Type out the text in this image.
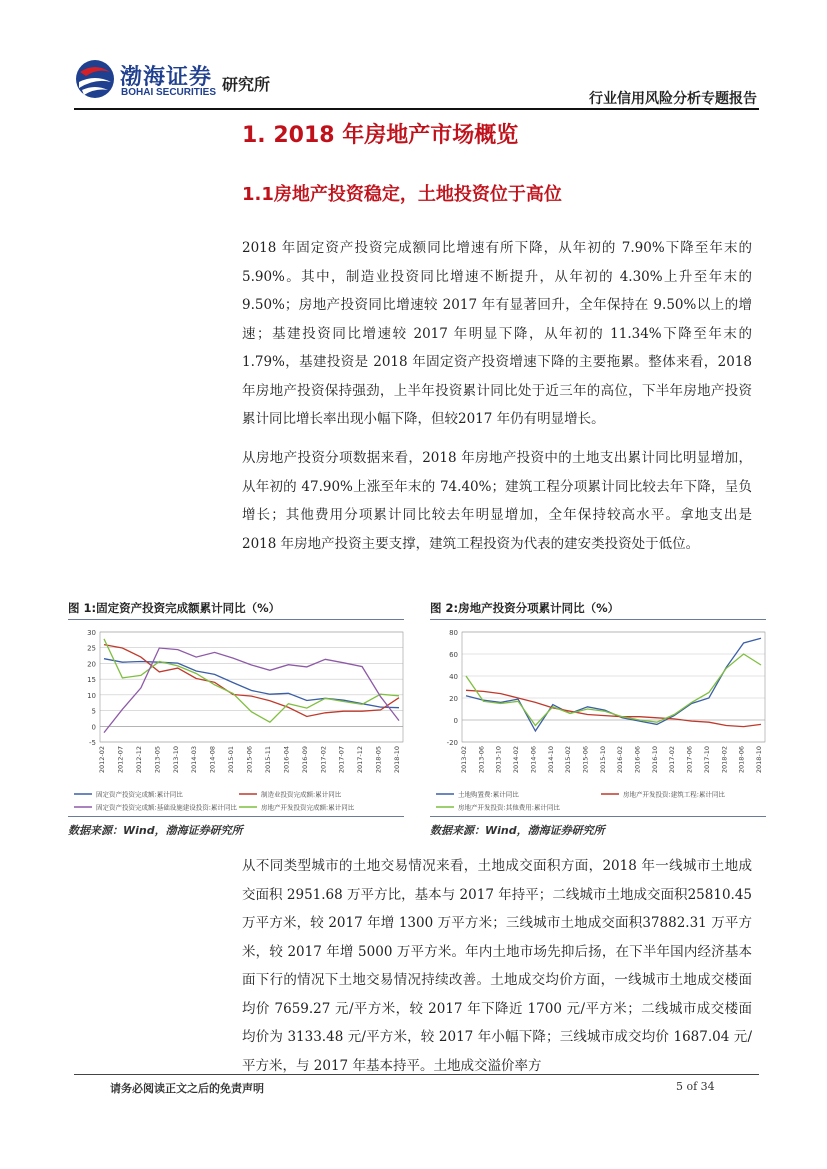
渤海证券
BOHAI SECURITIES 研究所
行业信用风险分析专题报告
1. 2018 年房地产市场概览
1.1房地产投资稳定，土地投资位于高位
2018 年固定资产投资完成额同比增速有所下降，从年初的 7.90%下降至年末的 5.90%。其中，制造业投资同比增速不断提升，从年初的 4.30%上升至年末的 9.50%；房地产投资同比增速较 2017 年有显著回升，全年保持在 9.50%以上的增速；基建投资同比增速较 2017 年明显下降，从年初的 11.34%下降至年末的 1.79%，基建投资是 2018 年固定资产投资增速下降的主要拖累。整体来看，2018 年房地产投资保持强劲，上半年投资累计同比处于近三年的高位，下半年房地产投资累计同比增长率出现小幅下降，但较2017 年仍有明显增长。
从房地产投资分项数据来看，2018 年房地产投资中的土地支出累计同比明显增加，从年初的 47.90%上涨至年末的 74.40%；建筑工程分项累计同比较去年下降，呈负增长；其他费用分项累计同比较去年明显增加，全年保持较高水平。拿地支出是 2018 年房地产投资主要支撑，建筑工程投资为代表的建安类投资处于低位。
图 1:固定资产投资完成额累计同比（%）
30
25
20
15
10
5
0
-5
2012-02 2012-07 2012-12 2013-05 2013-10 2014-03 2014-08 2015-01 2015-06 2015-11 2016-04 2016-09 2017-02 2017-07 2017-12 2018-05 2018-10
固定资产投资完成额:累计同比	制造业投资完成额:累计同比
固定资产投资完成额:基础设施建设投资:累计同比	房地产开发投资完成额:累计同比
数据来源：Wind，渤海证券研究所
图 2:房地产投资分项累计同比（%）
80
60
40
20
0
-20
2013-02 2013-06 2013-10 2014-02 2014-06 2014-10 2015-02 2015-06 2015-10 2016-02 2016-06 2016-10 2017-02 2017-06 2017-10 2018-02 2018-06 2018-10
土地购置费:累计同比	房地产开发投资:建筑工程:累计同比
房地产开发投资:其他费用:累计同比
数据来源：Wind，渤海证券研究所
从不同类型城市的土地交易情况来看，土地成交面积方面，2018 年一线城市土地成交面积 2951.68 万平方比，基本与 2017 年持平；二线城市土地成交面积25810.45 万平方米，较 2017 年增 1300 万平方米；三线城市土地成交面积37882.31 万平方米，较 2017 年增 5000 万平方米。年内土地市场先抑后扬，在下半年国内经济基本面下行的情况下土地交易情况持续改善。土地成交均价方面，一线城市土地成交楼面均价 7659.27 元/平方米，较 2017 年下降近 1700 元/平方米；二线城市成交楼面均价为 3133.48 元/平方米，较 2017 年小幅下降；三线城市成交均价 1687.04 元/平方米，与 2017 年基本持平。土地成交溢价率方
请务必阅读正文之后的免责声明	5 of 34
